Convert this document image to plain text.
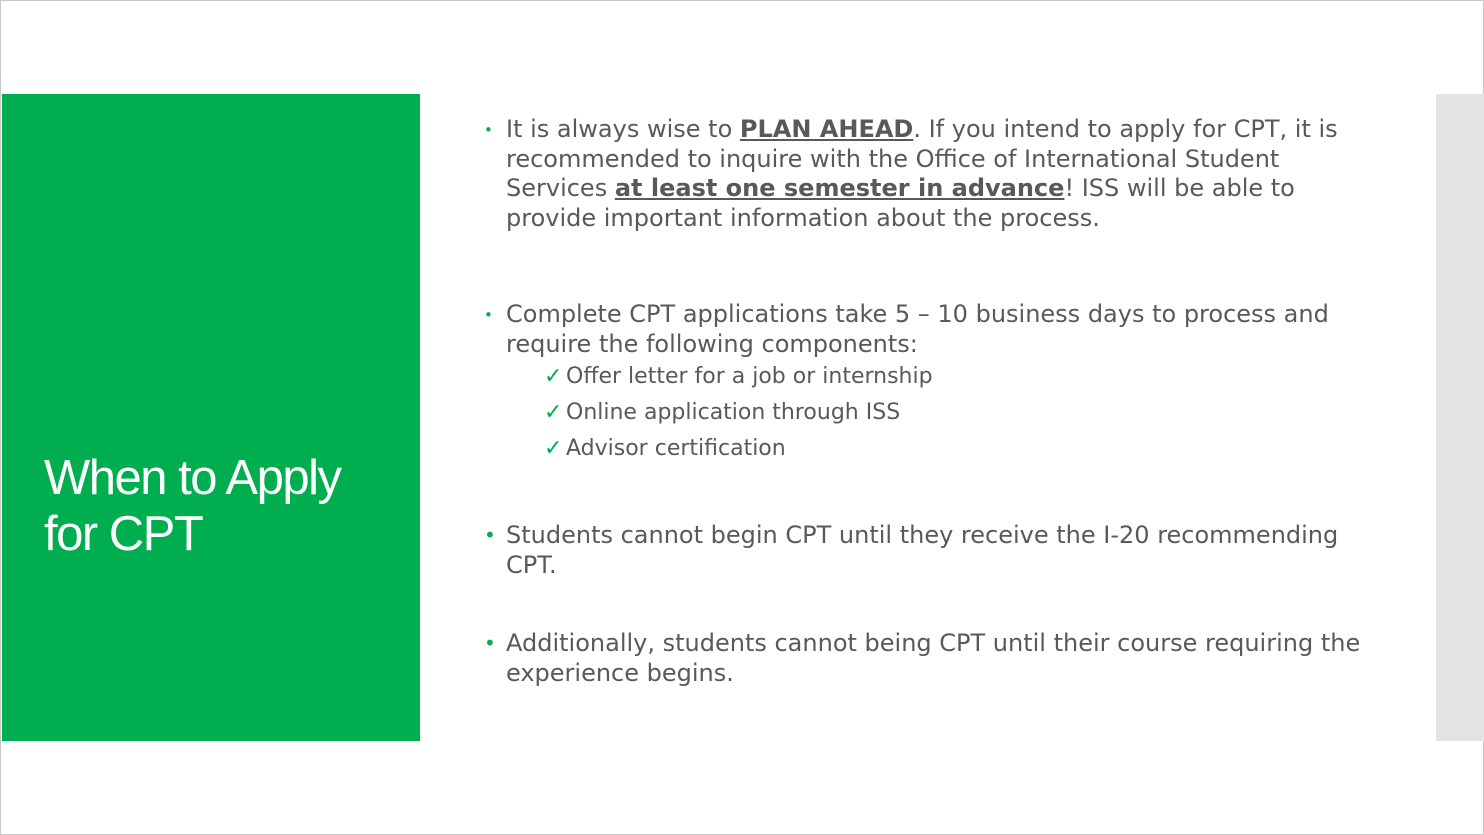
When to Apply for CPT
• It is always wise to PLAN AHEAD. If you intend to apply for CPT, it is recommended to inquire with the Office of International Student Services at least one semester in advance! ISS will be able to provide important information about the process.
• Complete CPT applications take 5 – 10 business days to process and require the following components:
✓ Offer letter for a job or internship
✓ Online application through ISS
✓ Advisor certification
• Students cannot begin CPT until they receive the I-20 recommending CPT.
• Additionally, students cannot being CPT until their course requiring the experience begins.
